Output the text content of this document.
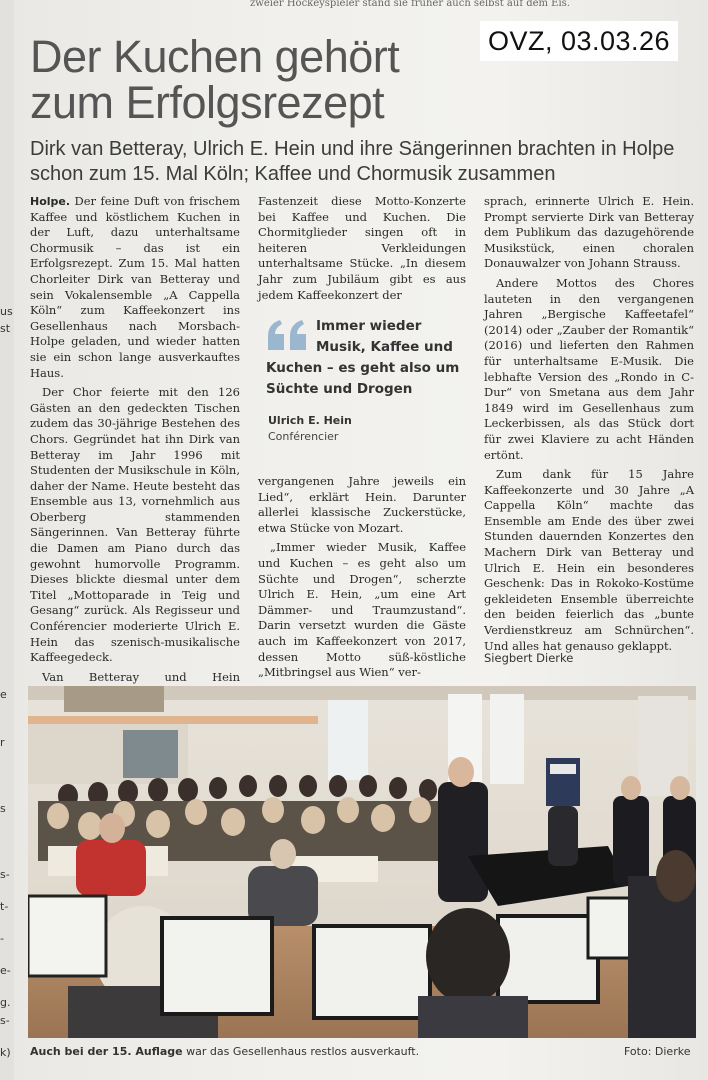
us
st
e
r
s
s-
t-
-
e-
g.
s-
k)
zweier Hockeyspieler stand sie früher auch selbst auf dem Eis.
OVZ, 03.03.26
Der Kuchen gehört
zum Erfolgsrezept
Dirk van Betteray, Ulrich E. Hein und ihre Sängerinnen brachten in Holpe schon zum 15. Mal Köln; Kaffee und Chormusik zusammen

Holpe. Der feine Duft von frischem Kaffee und köstlichem Kuchen in der Luft, dazu unterhaltsame Chormusik – das ist ein Erfolgsrezept. Zum 15. Mal hatten Chorleiter Dirk van Betteray und sein Vokalensemble „A Cappella Köln“ zum Kaffeekonzert ins Gesellenhaus nach Morsbach-Holpe geladen, und wieder hatten sie ein schon lange ausverkauftes Haus.

Der Chor feierte mit den 126 Gästen an den gedeckten Tischen zudem das 30-jährige Bestehen des Chors. Gegründet hat ihn Dirk van Betteray im Jahr 1996 mit Studenten der Musikschule in Köln, daher der Name. Heute besteht das Ensemble aus 13, vornehmlich aus Oberberg stammenden Sängerinnen. Van Betteray führte die Damen am Piano durch das gewohnt humorvolle Programm. Dieses blickte diesmal unter dem Titel „Mottoparade in Teig und Gesang“ zurück. Als Regisseur und Conférencier moderierte Ulrich E. Hein das szenisch-musikalische Kaffeegedeck.

Van Betteray und Hein

Fastenzeit diese Motto-Konzerte bei Kaffee und Kuchen. Die Chormitglieder singen oft in heiteren Verkleidungen unterhaltsame Stücke. „In diesem Jahr zum Jubiläum gibt es aus jedem Kaffeekonzert der

Immer wieder
Musik, Kaffee und
Kuchen – es geht also um Süchte und Drogen
Ulrich E. Hein
Conférencier

vergangenen Jahre jeweils ein Lied“, erklärt Hein. Darunter allerlei klassische Zuckerstücke, etwa Stücke von Mozart.

„Immer wieder Musik, Kaffee und Kuchen – es geht also um Süchte und Drogen“, scherzte Ulrich E. Hein, „um eine Art Dämmer- und Traumzustand“. Darin versetzt wurden die Gäste auch im Kaffeekonzert von 2017, dessen Motto süß-köstliche „Mitbringsel aus Wien“ ver-

sprach, erinnerte Ulrich E. Hein. Prompt servierte Dirk van Betteray dem Publikum das dazugehörende Musikstück, einen choralen Donauwalzer von Johann Strauss.

Andere Mottos des Chores lauteten in den vergangenen Jahren „Bergische Kaffeetafel“ (2014) oder „Zauber der Romantik“ (2016) und lieferten den Rahmen für unterhaltsame E-Musik. Die lebhafte Version des „Rondo in C-Dur“ von Smetana aus dem Jahr 1849 wird im Gesellenhaus zum Leckerbissen, als das Stück dort für zwei Klaviere zu acht Händen ertönt.

Zum dank für 15 Jahre Kaffeekonzerte und 30 Jahre „A Cappella Köln“ machte das Ensemble am Ende des über zwei Stunden dauernden Konzertes den Machern Dirk van Betteray und Ulrich E. Hein ein besonderes Geschenk: Das in Rokoko-Kostüme gekleideten Ensemble überreichte den beiden feierlich das „bunte Verdienstkreuz am Schnürchen“. Und alles hat genauso geklappt.

Siegbert Dierke
Auch bei der 15. Auflage war das Gesellenhaus restlos ausverkauft.	Foto: Dierke
